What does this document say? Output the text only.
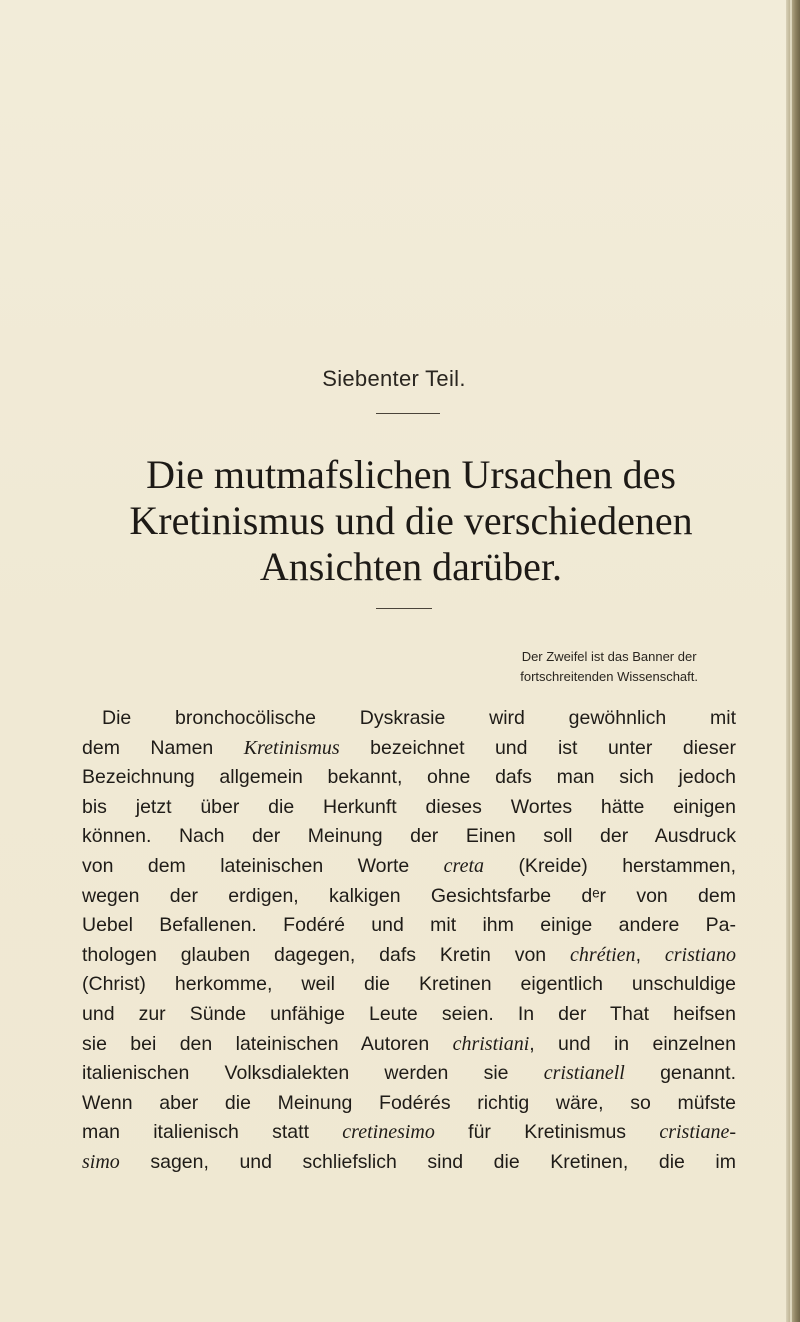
Siebenter Teil.
Die mutmafslichen Ursachen des
Kretinismus und die verschiedenen
Ansichten darüber.
Der Zweifel ist das Banner der
fortschreitenden Wissenschaft.
Die bronchocölische Dyskrasie wird gewöhnlich mit
dem Namen Kretinismus bezeichnet und ist unter dieser
Bezeichnung allgemein bekannt, ohne dafs man sich jedoch
bis jetzt über die Herkunft dieses Wortes hätte einigen
können. Nach der Meinung der Einen soll der Ausdruck
von dem lateinischen Worte creta (Kreide) herstammen,
wegen der erdigen, kalkigen Gesichtsfarbe dᵉr von dem
Uebel Befallenen. Fodéré und mit ihm einige andere Pa-
thologen glauben dagegen, dafs Kretin von chrétien, cristiano
(Christ) herkomme, weil die Kretinen eigentlich unschuldige
und zur Sünde unfähige Leute seien. In der That heifsen
sie bei den lateinischen Autoren christiani, und in einzelnen
italienischen Volksdialekten werden sie cristianell genannt.
Wenn aber die Meinung Fodérés richtig wäre, so müfste
man italienisch statt cretinesimo für Kretinismus cristiane-
simo sagen, und schliefslich sind die Kretinen, die im
